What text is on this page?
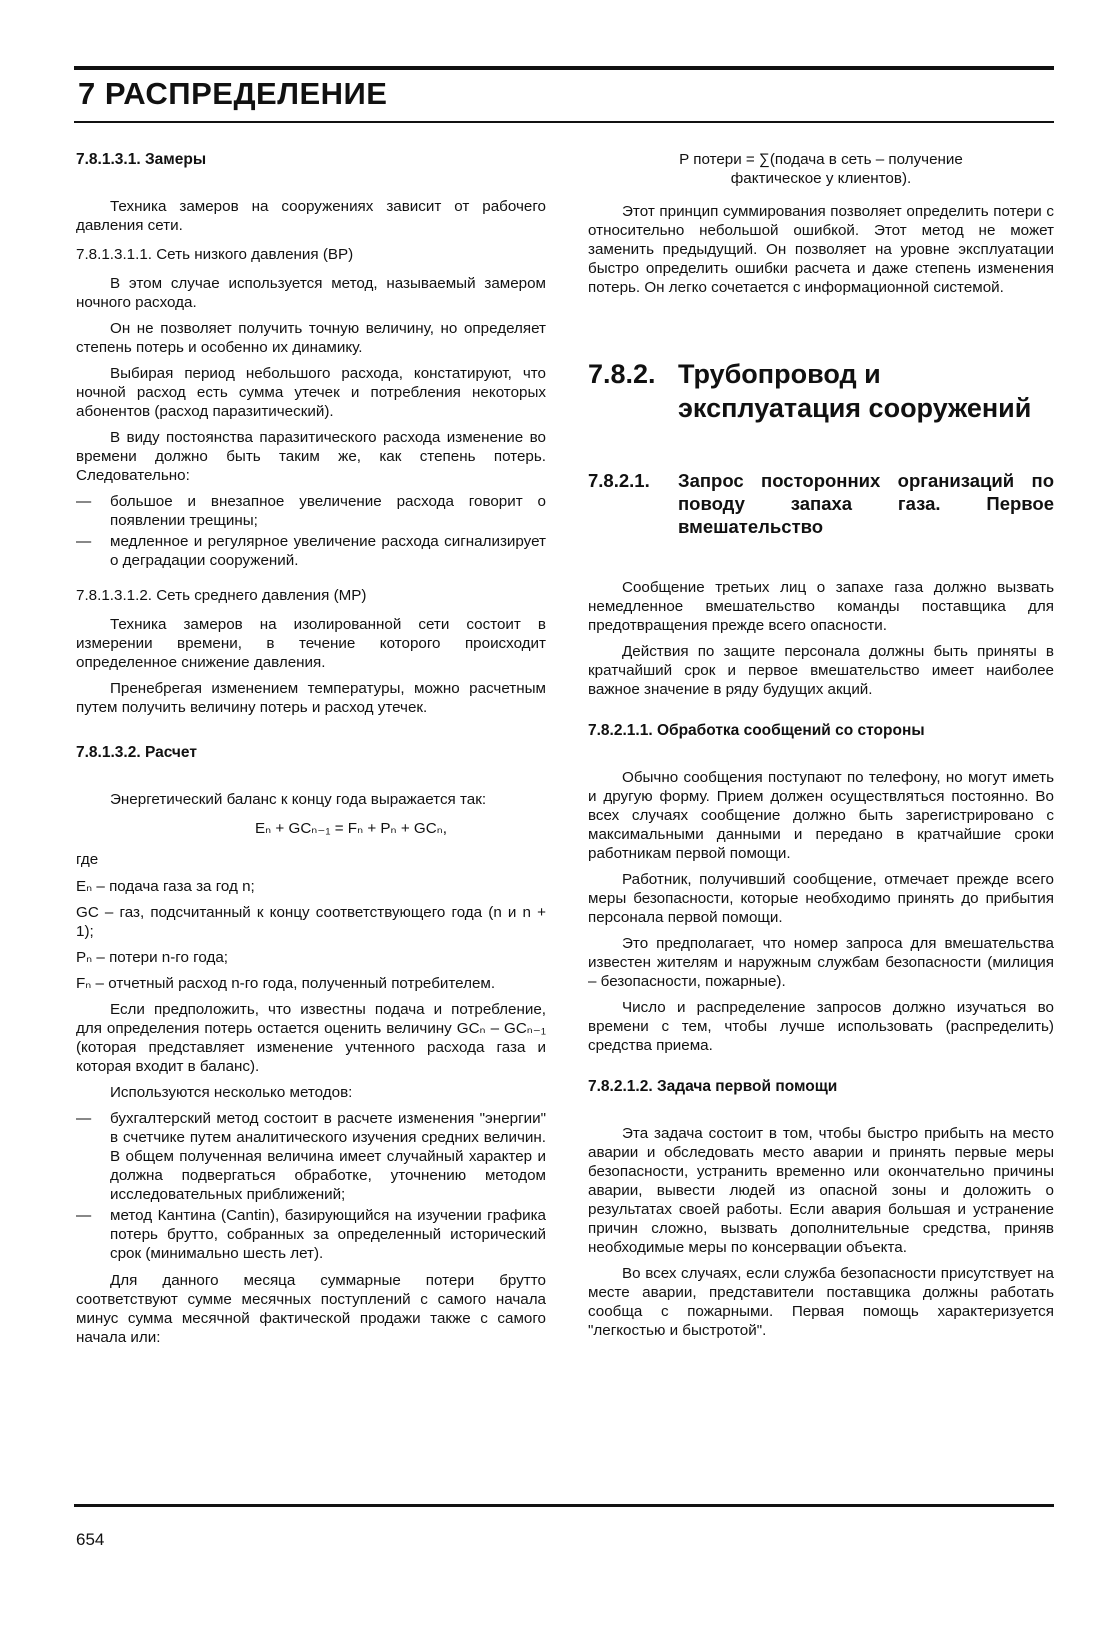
7 РАСПРЕДЕЛЕНИЕ
7.8.1.3.1. Замеры

Техника замеров на сооружениях зависит от рабочего давления сети.

7.8.1.3.1.1. Сеть низкого давления (ВР)

В этом случае используется метод, называемый замером ночного расхода.

Он не позволяет получить точную величину, но определяет степень потерь и особенно их динамику.

Выбирая период небольшого расхода, констатируют, что ночной расход есть сумма утечек и потребления некоторых абонентов (расход паразитический).

В виду постоянства паразитического расхода изменение во времени должно быть таким же, как степень потерь. Следовательно:

— большое и внезапное увеличение расхода говорит о появлении трещины;
— медленное и регулярное увеличение расхода сигнализирует о деградации сооружений.
7.8.1.3.1.2. Сеть среднего давления (МР)

Техника замеров на изолированной сети состоит в измерении времени, в течение которого происходит определенное снижение давления.

Пренебрегая изменением температуры, можно расчетным путем получить величину потерь и расход утечек.

7.8.1.3.2. Расчет

Энергетический баланс к концу года выражается так:

Eₙ + GCₙ₋₁ = Fₙ + Pₙ + GCₙ,
где

Eₙ – подача газа за год n;

GC – газ, подсчитанный к концу соответствующего года (n и n + 1);

Pₙ – потери n-го года;

Fₙ – отчетный расход n-го года, полученный потребителем.

Если предположить, что известны подача и потребление, для определения потерь остается оценить величину GCₙ – GCₙ₋₁ (которая представляет изменение учтенного расхода газа и которая входит в баланс).

Используются несколько методов:

— бухгалтерский метод состоит в расчете изменения "энергии" в счетчике путем аналитического изучения средних величин. В общем полученная величина имеет случайный характер и должна подвергаться обработке, уточнению методом исследовательных приближений;
— метод Кантина (Cantin), базирующийся на изучении графика потерь брутто, собранных за определенный исторический срок (минимально шесть лет).

Для данного месяца суммарные потери брутто соответствуют сумме месячных поступлений с самого начала минус сумма месячной фактической продажи также с самого начала или:

P потери = ∑(подача в сеть – получение
фактическое у клиентов).

Этот принцип суммирования позволяет определить потери с относительно небольшой ошибкой. Этот метод не может заменить предыдущий. Он позволяет на уровне эксплуатации быстро определить ошибки расчета и даже степень изменения потерь. Он легко сочетается с информационной системой.

7.8.2. Трубопровод и эксплуатация сооружений
7.8.2.1.	Запрос посторонних организаций по поводу запаха газа. Первое вмешательство

Сообщение третьих лиц о запахе газа должно вызвать немедленное вмешательство команды поставщика для предотвращения прежде всего опасности.

Действия по защите персонала должны быть приняты в кратчайший срок и первое вмешательство имеет наиболее важное значение в ряду будущих акций.

7.8.2.1.1. Обработка сообщений со стороны

Обычно сообщения поступают по телефону, но могут иметь и другую форму. Прием должен осуществляться постоянно. Во всех случаях сообщение должно быть зарегистрировано с максимальными данными и передано в кратчайшие сроки работникам первой помощи.

Работник, получивший сообщение, отмечает прежде всего меры безопасности, которые необходимо принять до прибытия персонала первой помощи.

Это предполагает, что номер запроса для вмешательства известен жителям и наружным службам безопасности (милиция – безопасности, пожарные).

Число и распределение запросов должно изучаться во времени с тем, чтобы лучше использовать (распределить) средства приема.

7.8.2.1.2. Задача первой помощи

Эта задача состоит в том, чтобы быстро прибыть на место аварии и обследовать место аварии и принять первые меры безопасности, устранить временно или окончательно причины аварии, вывести людей из опасной зоны и доложить о результатах своей работы. Если авария большая и устранение причин сложно, вызвать дополнительные средства, приняв необходимые меры по консервации объекта.

Во всех случаях, если служба безопасности присутствует на месте аварии, представители поставщика должны работать сообща с пожарными. Первая помощь характеризуется "легкостью и быстротой".

654
